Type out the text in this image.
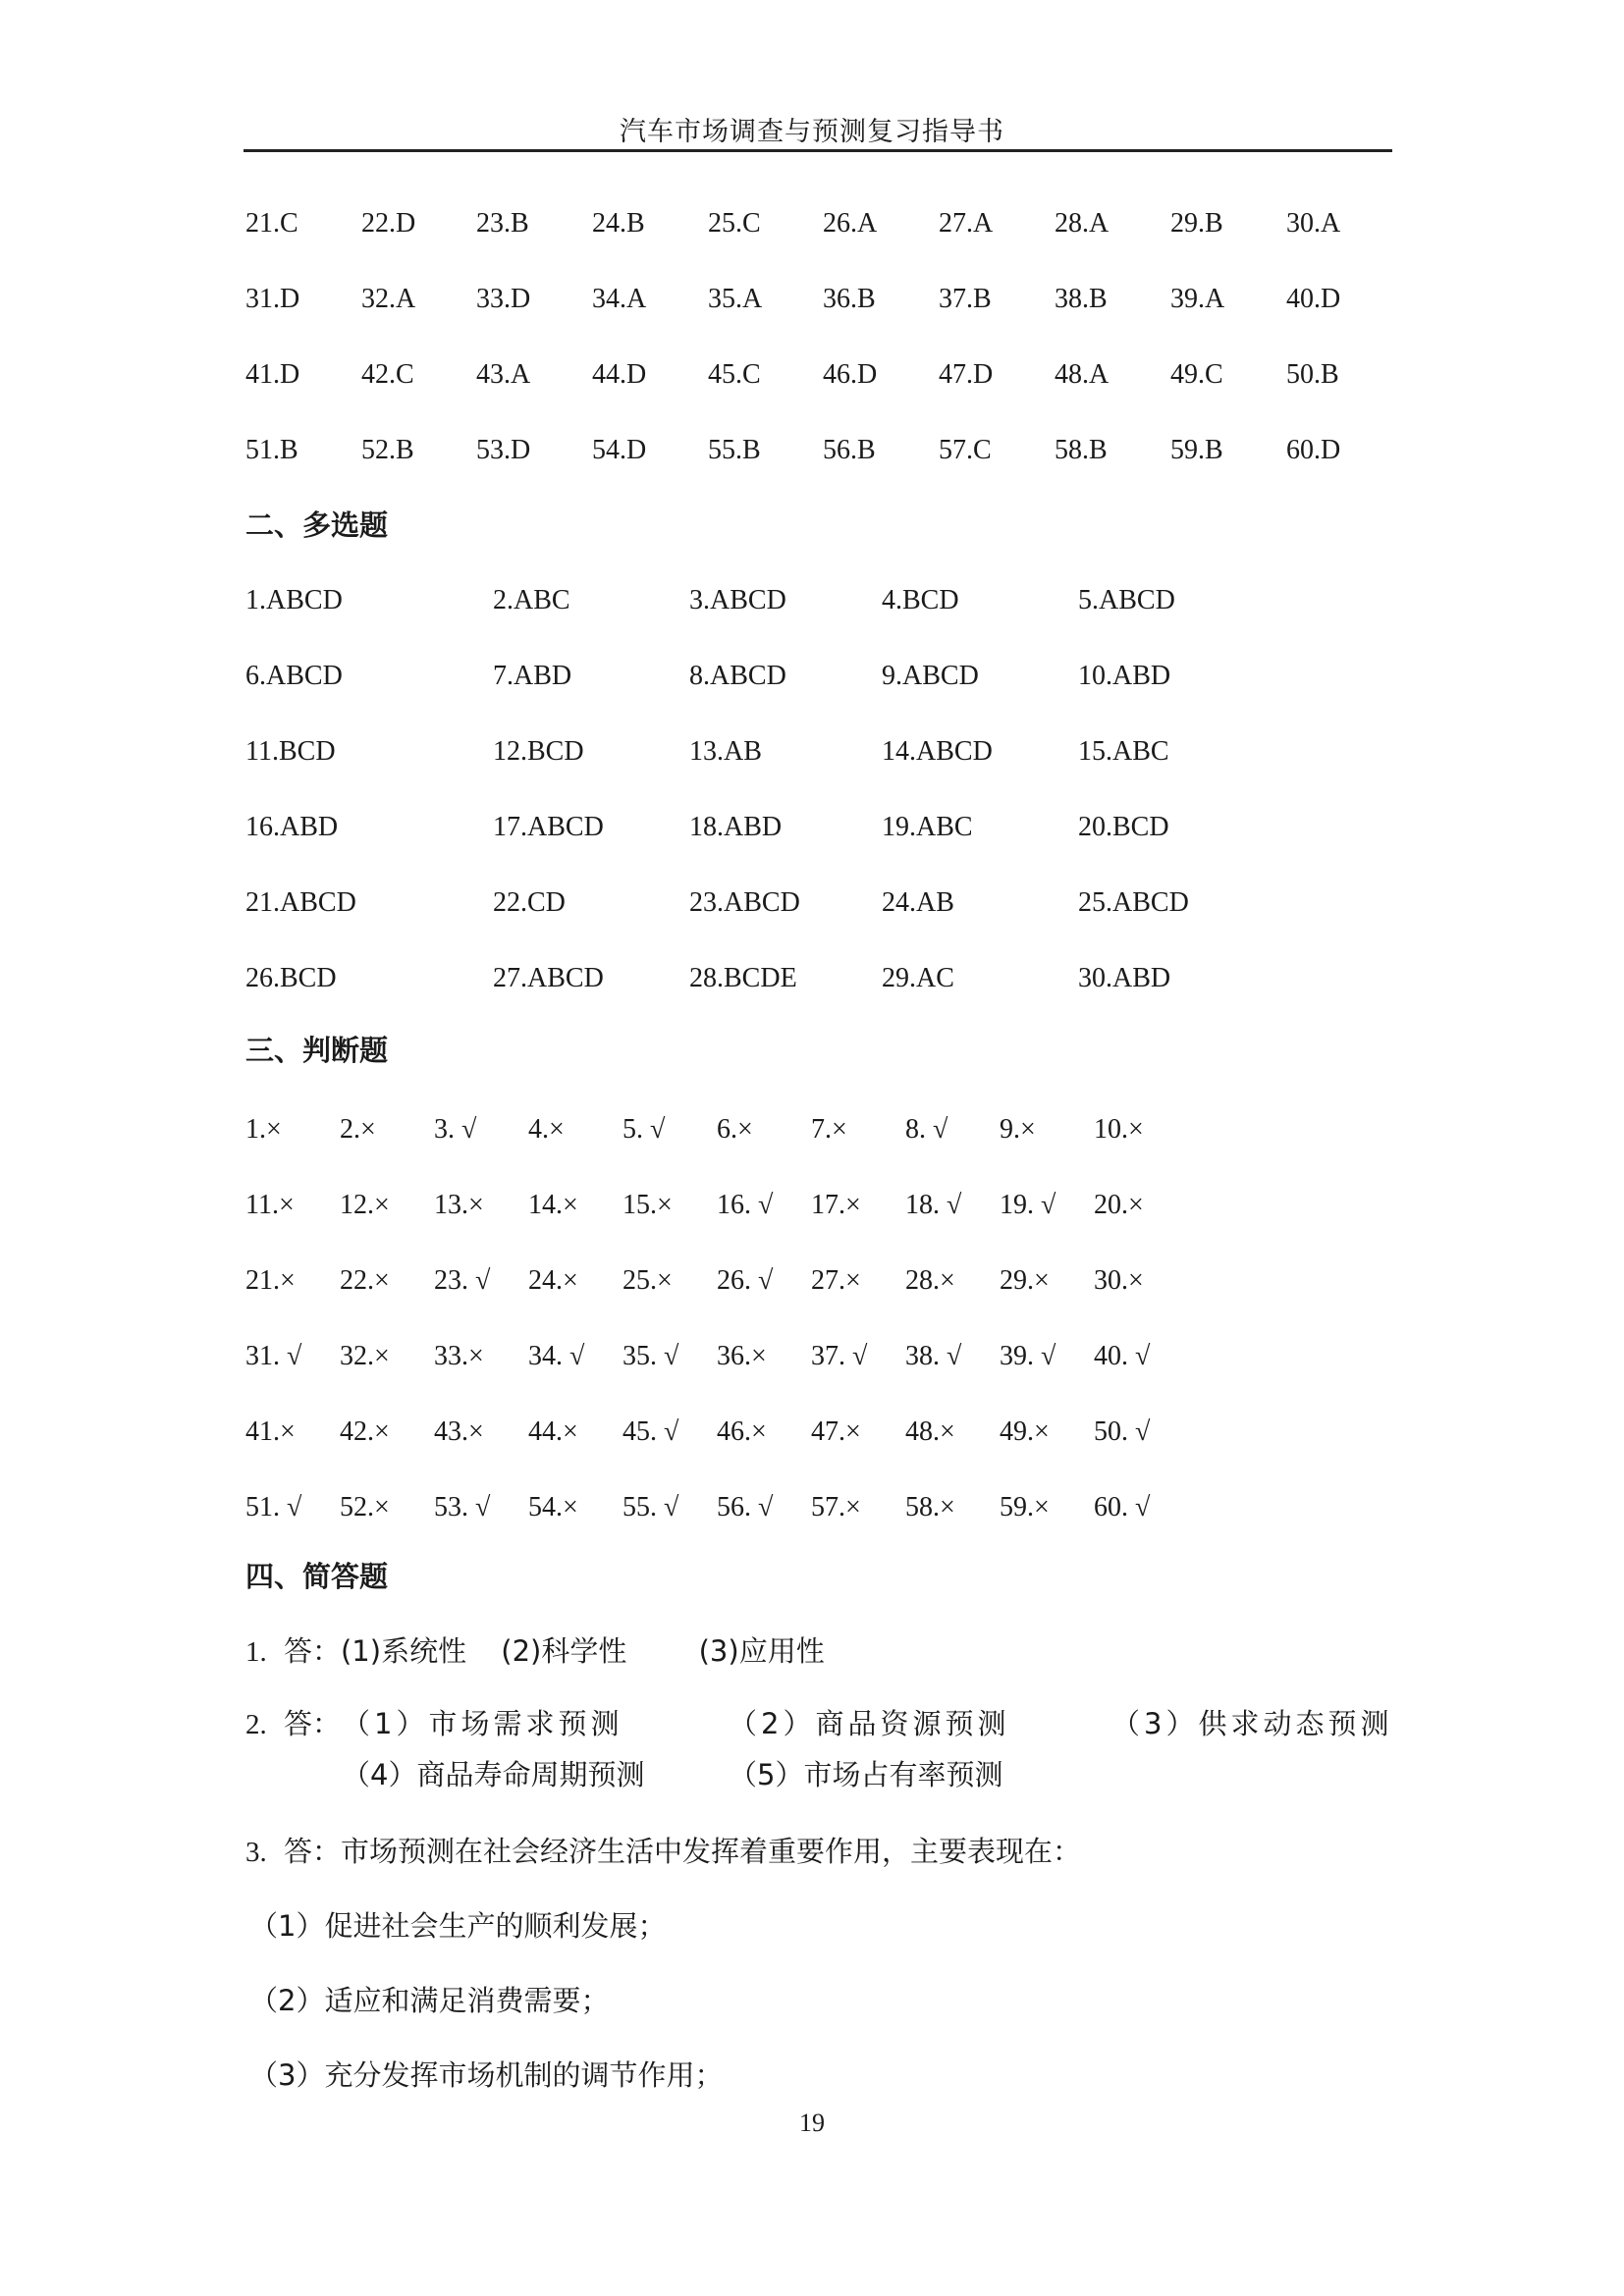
汽车市场调查与预测复习指导书
21.C 22.D 23.B 24.B 25.C 26.A 27.A 28.A 29.B 30.A
31.D 32.A 33.D 34.A 35.A 36.B 37.B 38.B 39.A 40.D
41.D 42.C 43.A 44.D 45.C 46.D 47.D 48.A 49.C 50.B
51.B 52.B 53.D 54.D 55.B 56.B 57.C 58.B 59.B 60.D
二、多选题
1.ABCD	2.ABC	3.ABCD	4.BCD	5.ABCD
6.ABCD	7.ABD	8.ABCD	9.ABCD	10.ABD
11.BCD	12.BCD	13.AB	14.ABCD	15.ABC
16.ABD	17.ABCD	18.ABD	19.ABC	20.BCD
21.ABCD	22.CD	23.ABCD	24.AB	25.ABCD
26.BCD	27.ABCD	28.BCDE	29.AC	30.ABD
三、判断题
1.× 2.× 3. √ 4.× 5. √ 6.× 7.× 8. √ 9.× 10.×
11.× 12.× 13.× 14.× 15.× 16. √ 17.× 18. √ 19. √ 20.×
21.× 22.× 23. √ 24.× 25.× 26. √ 27.× 28.× 29.× 30.×
31. √ 32.× 33.× 34. √ 35. √ 36.× 37. √ 38. √ 39. √ 40. √
41.× 42.× 43.× 44.× 45. √ 46.× 47.× 48.× 49.× 50. √
51. √ 52.× 53. √ 54.× 55. √ 56. √ 57.× 58.× 59.× 60. √
四、简答题
1. 答：(1)系统性 (2)科学性	(3)应用性
2. 答： （1）市场需求预测	（2）商品资源预测	（3）供求动态预测
（4）商品寿命周期预测	（5）市场占有率预测
3. 答：市场预测在社会经济生活中发挥着重要作用，主要表现在：
（1）促进社会生产的顺利发展；
（2）适应和满足消费需要；
（3）充分发挥市场机制的调节作用；
19
